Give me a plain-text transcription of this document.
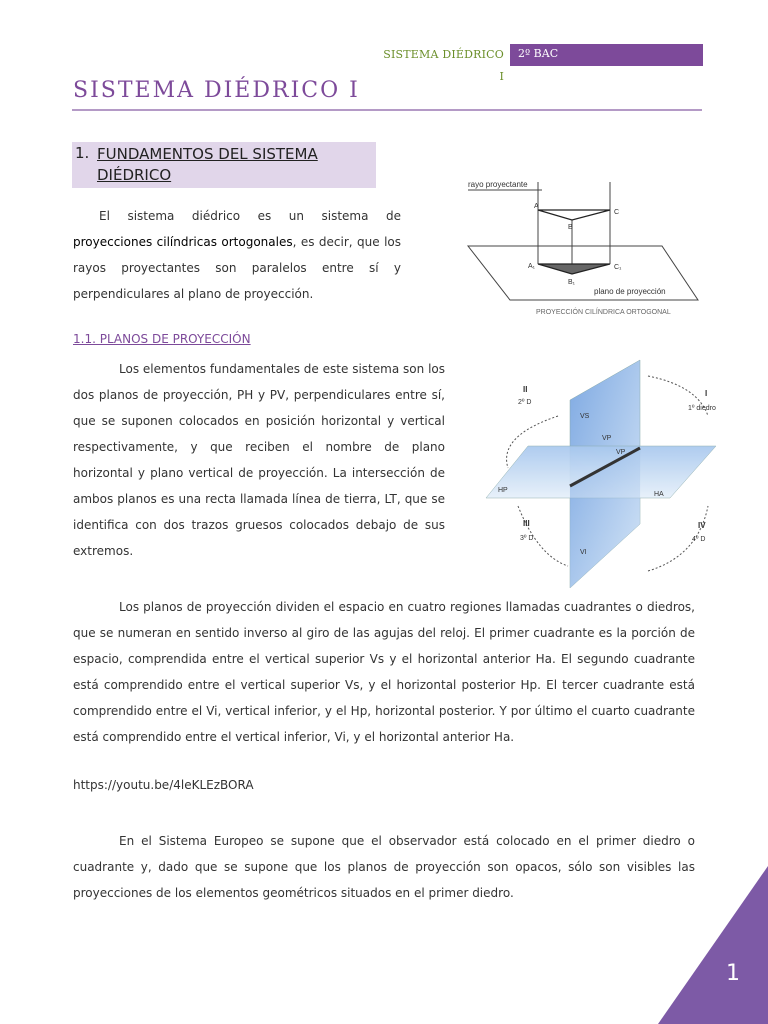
SISTEMA DIÉDRICO I
2º BAC
SISTEMA DIÉDRICO I
1. FUNDAMENTOS DEL SISTEMA DIÉDRICO
El sistema diédrico es un sistema de proyecciones cilíndricas ortogonales, es decir, que los rayos proyectantes son paralelos entre sí y perpendiculares al plano de proyección.
rayo proyectante
A
C
B
A₁	C₁
B₁
plano de proyección
PROYECCIÓN CILÍNDRICA ORTOGONAL
1.1. PLANOS DE PROYECCIÓN
Los elementos fundamentales de este sistema son los dos planos de proyección, PH y PV, perpendiculares entre sí, que se suponen colocados en posición horizontal y vertical respectivamente, y que reciben el nombre de plano horizontal y plano vertical de proyección. La intersección de ambos planos es una recta llamada línea de tierra, LT, que se identifica con dos trazos gruesos colocados debajo de sus extremos.
II
2º D
I
1º diedro
III
3º D
IV
4º D
VS
VP
VP
HP
HA
VI
Los planos de proyección dividen el espacio en cuatro regiones llamadas cuadrantes o diedros, que se numeran en sentido inverso al giro de las agujas del reloj. El primer cuadrante es la porción de espacio, comprendida entre el vertical superior Vs y el horizontal anterior Ha. El segundo cuadrante está comprendido entre el vertical superior Vs, y el horizontal posterior Hp. El tercer cuadrante está comprendido entre el Vi, vertical inferior, y el Hp, horizontal posterior. Y por último el cuarto cuadrante está comprendido entre el vertical inferior, Vi, y el horizontal anterior Ha.
https://youtu.be/4leKLEzBORA
En el Sistema Europeo se supone que el observador está colocado en el primer diedro o cuadrante y, dado que se supone que los planos de proyección son opacos, sólo son visibles las proyecciones de los elementos geométricos situados en el primer diedro.
1
